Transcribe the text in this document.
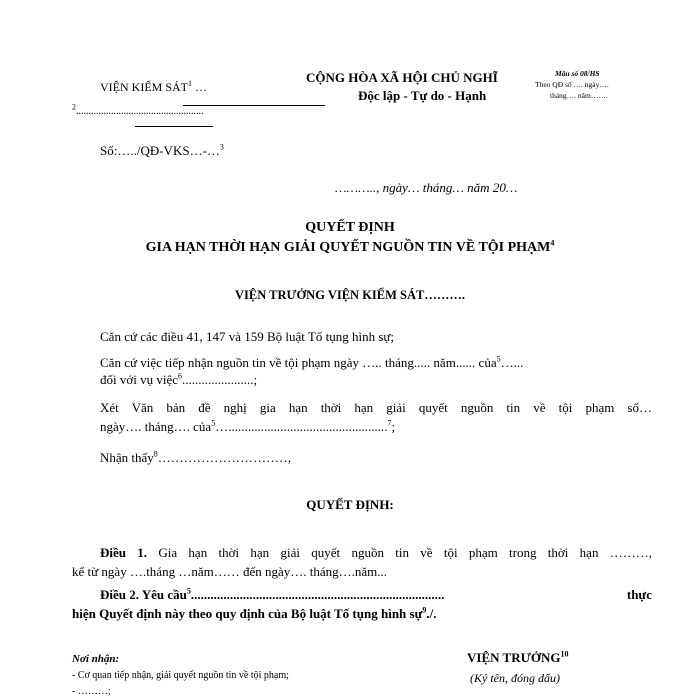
VIỆN KIỂM SÁT$^1$ …
$^2$...................................................
CỘNG HÒA XÃ HỘI CHỦ NGHĨ
Độc lập - Tự do - Hạnh
Mẫu số 08/HS
Theo QĐ số …. ngày….
tháng…. năm…….
Số:…../QĐ-VKS…-…$^3$
……….., ngày… tháng… năm 20…
QUYẾT ĐỊNH
GIA HẠN THỜI HẠN GIẢI QUYẾT NGUỒN TIN VỀ TỘI PHẠM$^4$
VIỆN TRƯỞNG VIỆN KIỂM SÁT……….
Căn cứ các điều 41, 147 và 159 Bộ luật Tố tụng hình sự;
Căn cứ việc tiếp nhận nguồn tin về tội phạm ngày ….. tháng..... năm...... của$^5$…...
đối với vụ việc$^6$......................;
Xét Văn bản đề nghị gia hạn thời hạn giải quyết nguồn tin về tội phạm số…
ngày…. tháng…. của$^5$….................................................$^7$;
Nhận thấy$^8$…………………………,
QUYẾT ĐỊNH:
Điều 1. Gia hạn thời hạn giải quyết nguồn tin về tội phạm trong thời hạn ………,
kể từ ngày ….tháng …năm…… đến ngày…. tháng….năm...
Điều 2. Yêu cầu$^5$..............................................................................	thực
hiện Quyết định này theo quy định của Bộ luật Tố tụng hình sự$^9$./.
Nơi nhận:
- Cơ quan tiếp nhận, giải quyết nguồn tin về tội phạm;
- ………;
VIỆN TRƯỞNG$^{10}$
(Ký tên, đóng dấu)
